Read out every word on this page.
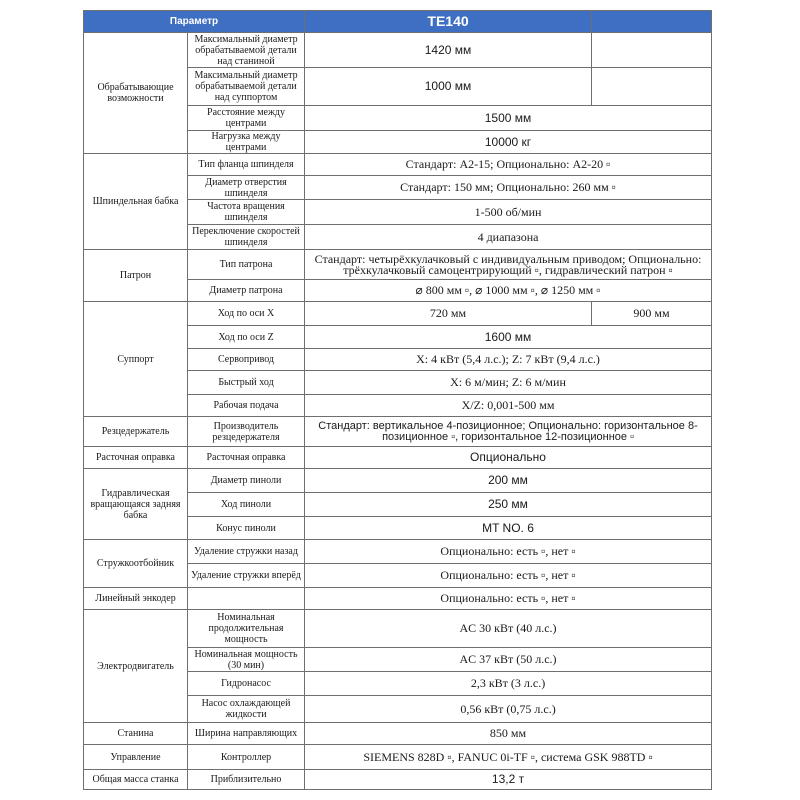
Параметр		TE140	
Обрабатывающие возможности	Максимальный диаметр обрабатываемой детали над станиной	1420 мм	
	Максимальный диаметр обрабатываемой детали над суппортом	1000 мм	
	Расстояние между центрами	1500 мм	
	Нагрузка между центрами	10000 кг	
Шпиндельная бабка	Тип фланца шпинделя	Стандарт: A2-15; Опционально: A2-20 ▫	
	Диаметр отверстия шпинделя	Стандарт: 150 мм; Опционально: 260 мм ▫	
	Частота вращения шпинделя	1-500 об/мин	
	Переключение скоростей шпинделя	4 диапазона	
Патрон	Тип патрона	Стандарт: четырёхкулачковый с индивидуальным приводом; Опционально: трёхкулачковый самоцентрирующий ▫, гидравлический патрон ▫	
	Диаметр патрона	⌀ 800 мм ▫, ⌀ 1000 мм ▫, ⌀ 1250 мм ▫	
Суппорт	Ход по оси X	720 мм	900 мм
	Ход по оси Z	1600 мм	
	Сервопривод	X: 4 кВт (5,4 л.с.); Z: 7 кВт (9,4 л.с.)	
	Быстрый ход	X: 6 м/мин; Z: 6 м/мин	
	Рабочая подача	X/Z: 0,001-500 мм	
Резцедержатель	Производитель резцедержателя	Стандарт: вертикальное 4-позиционное; Опционально: горизонтальное 8-позиционное ▫, горизонтальное 12-позиционное ▫	
Расточная оправка	Расточная оправка	Опционально	
Гидравлическая вращающаяся задняя бабка	Диаметр пиноли	200 мм	
	Ход пиноли	250 мм	
	Конус пиноли	MT NO. 6	
Стружкоотбойник	Удаление стружки назад	Опционально: есть ▫, нет ▫	
	Удаление стружки вперёд	Опционально: есть ▫, нет ▫	
Линейный энкодер		Опционально: есть ▫, нет ▫	
Электродвигатель	Номинальная продолжительная мощность	AC 30 кВт (40 л.с.)	
	Номинальная мощность (30 мин)	AC 37 кВт (50 л.с.)	
	Гидронасос	2,3 кВт (3 л.с.)	
	Насос охлаждающей жидкости	0,56 кВт (0,75 л.с.)	
Станина	Ширина направляющих	850 мм	
Управление	Контроллер	SIEMENS 828D ▫, FANUC 0i-TF ▫, система GSK 988TD ▫	
Общая масса станка	Приблизительно	13,2 т	
